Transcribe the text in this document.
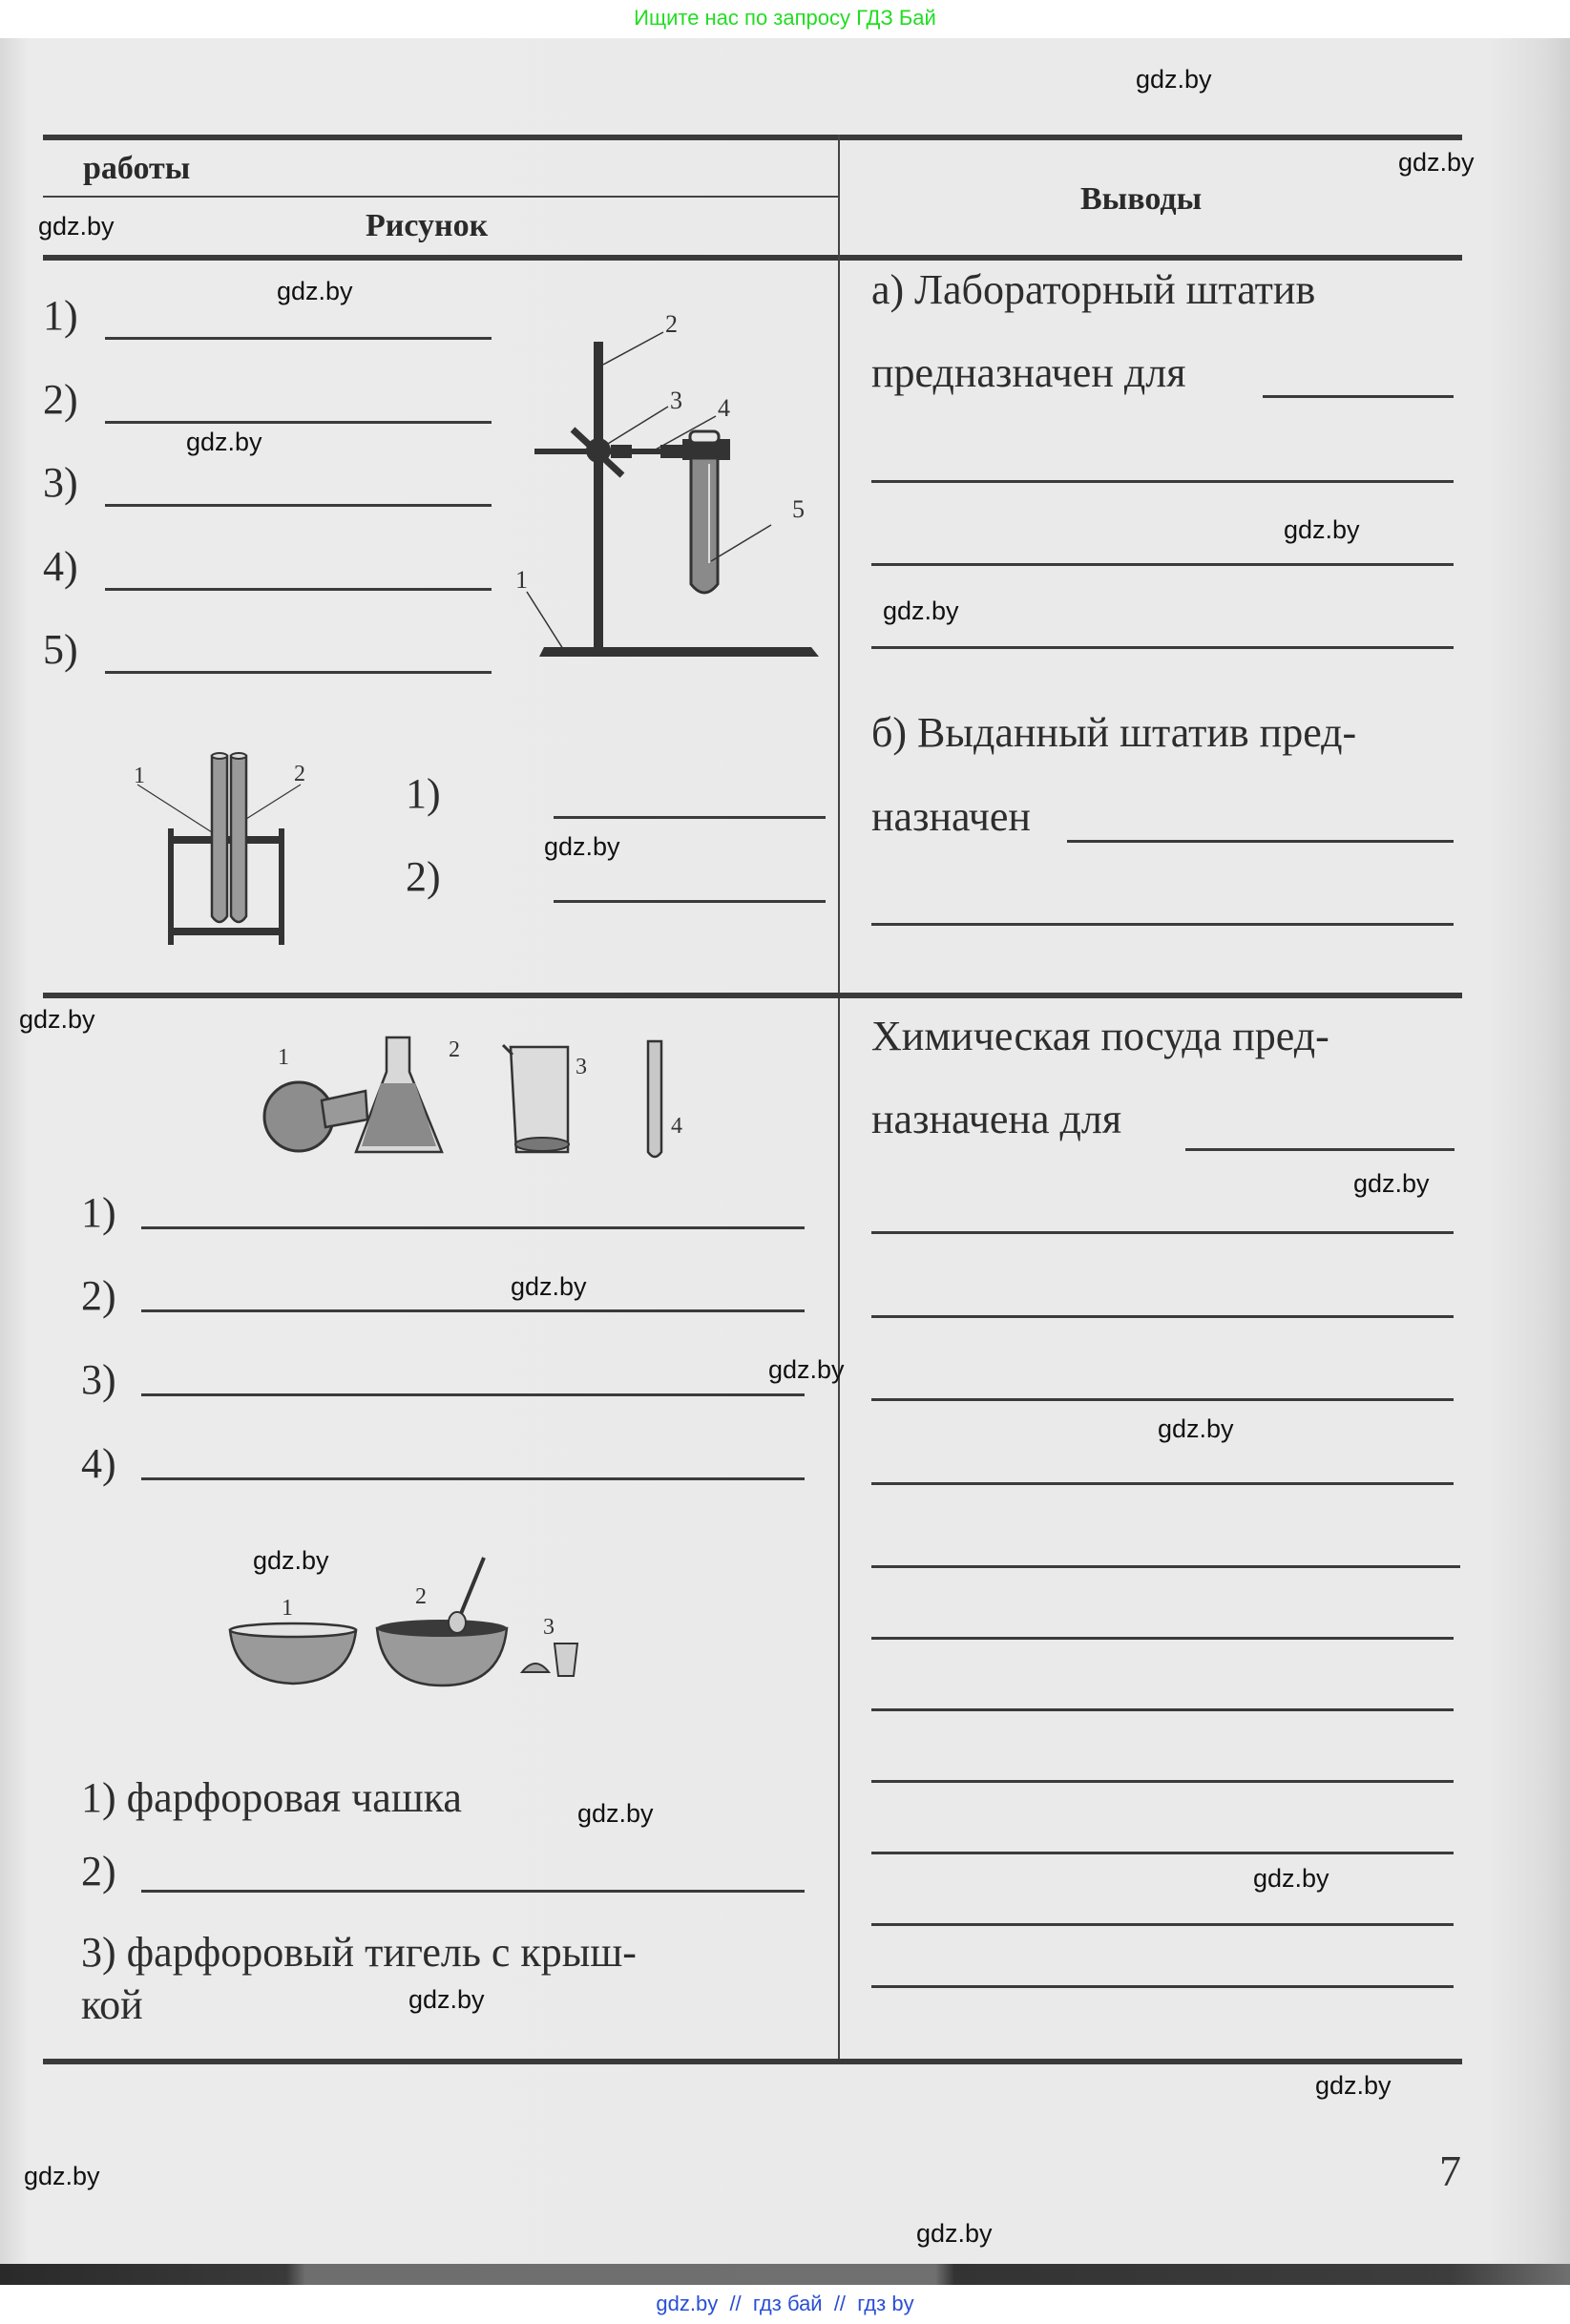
Ищите нас по запросу ГДЗ Бай
работы
Рисунок
Выводы
1)
2)
3)
4)
5)
2
3 4
5
1
1	2 1)
2)
1	2
3
4
1)
2)
3)
4)
1	2
3
1) фарфоровая чашка
2)
3) фарфоровый тигель с крыш-
кой
а) Лабораторный штатив
предназначен для
б) Выданный штатив пред-
назначен
Химическая посуда пред-
назначена для
7
gdz.by
gdz.by
gdz.by
gdz.by
gdz.by
gdz.by
gdz.by
gdz.by
gdz.by
gdz.by
gdz.by
gdz.by
gdz.by
gdz.by
gdz.by
gdz.by
gdz.by
gdz.by
gdz.by
gdz.by
gdz.by  //  гдз бай  //  гдз by
